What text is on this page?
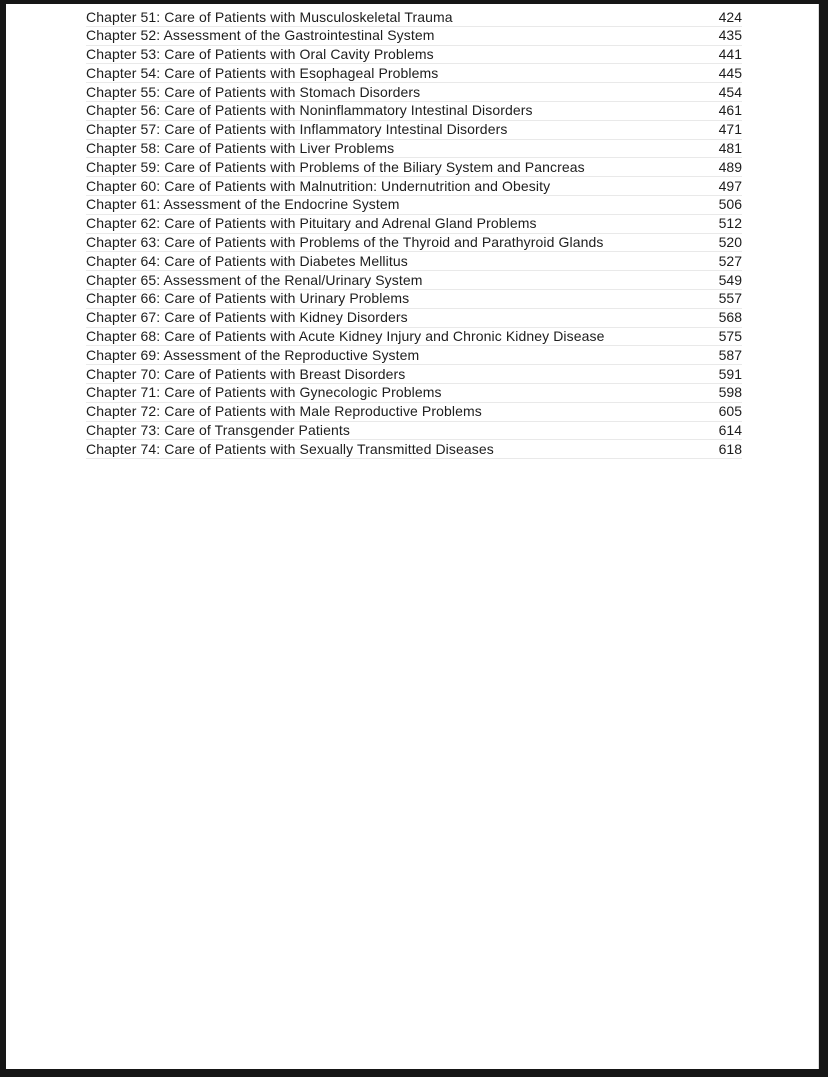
Chapter 51: Care of Patients with Musculoskeletal Trauma	424
Chapter 52: Assessment of the Gastrointestinal System	435
Chapter 53: Care of Patients with Oral Cavity Problems	441
Chapter 54: Care of Patients with Esophageal Problems	445
Chapter 55: Care of Patients with Stomach Disorders	454
Chapter 56: Care of Patients with Noninflammatory Intestinal Disorders	461
Chapter 57: Care of Patients with Inflammatory Intestinal Disorders	471
Chapter 58: Care of Patients with Liver Problems	481
Chapter 59: Care of Patients with Problems of the Biliary System and Pancreas	489
Chapter 60: Care of Patients with Malnutrition: Undernutrition and Obesity	497
Chapter 61: Assessment of the Endocrine System	506
Chapter 62: Care of Patients with Pituitary and Adrenal Gland Problems	512
Chapter 63: Care of Patients with Problems of the Thyroid and Parathyroid Glands	520
Chapter 64: Care of Patients with Diabetes Mellitus	527
Chapter 65: Assessment of the Renal/Urinary System	549
Chapter 66: Care of Patients with Urinary Problems	557
Chapter 67: Care of Patients with Kidney Disorders	568
Chapter 68: Care of Patients with Acute Kidney Injury and Chronic Kidney Disease	575
Chapter 69: Assessment of the Reproductive System	587
Chapter 70: Care of Patients with Breast Disorders	591
Chapter 71: Care of Patients with Gynecologic Problems	598
Chapter 72: Care of Patients with Male Reproductive Problems	605
Chapter 73: Care of Transgender Patients	614
Chapter 74: Care of Patients with Sexually Transmitted Diseases	618
